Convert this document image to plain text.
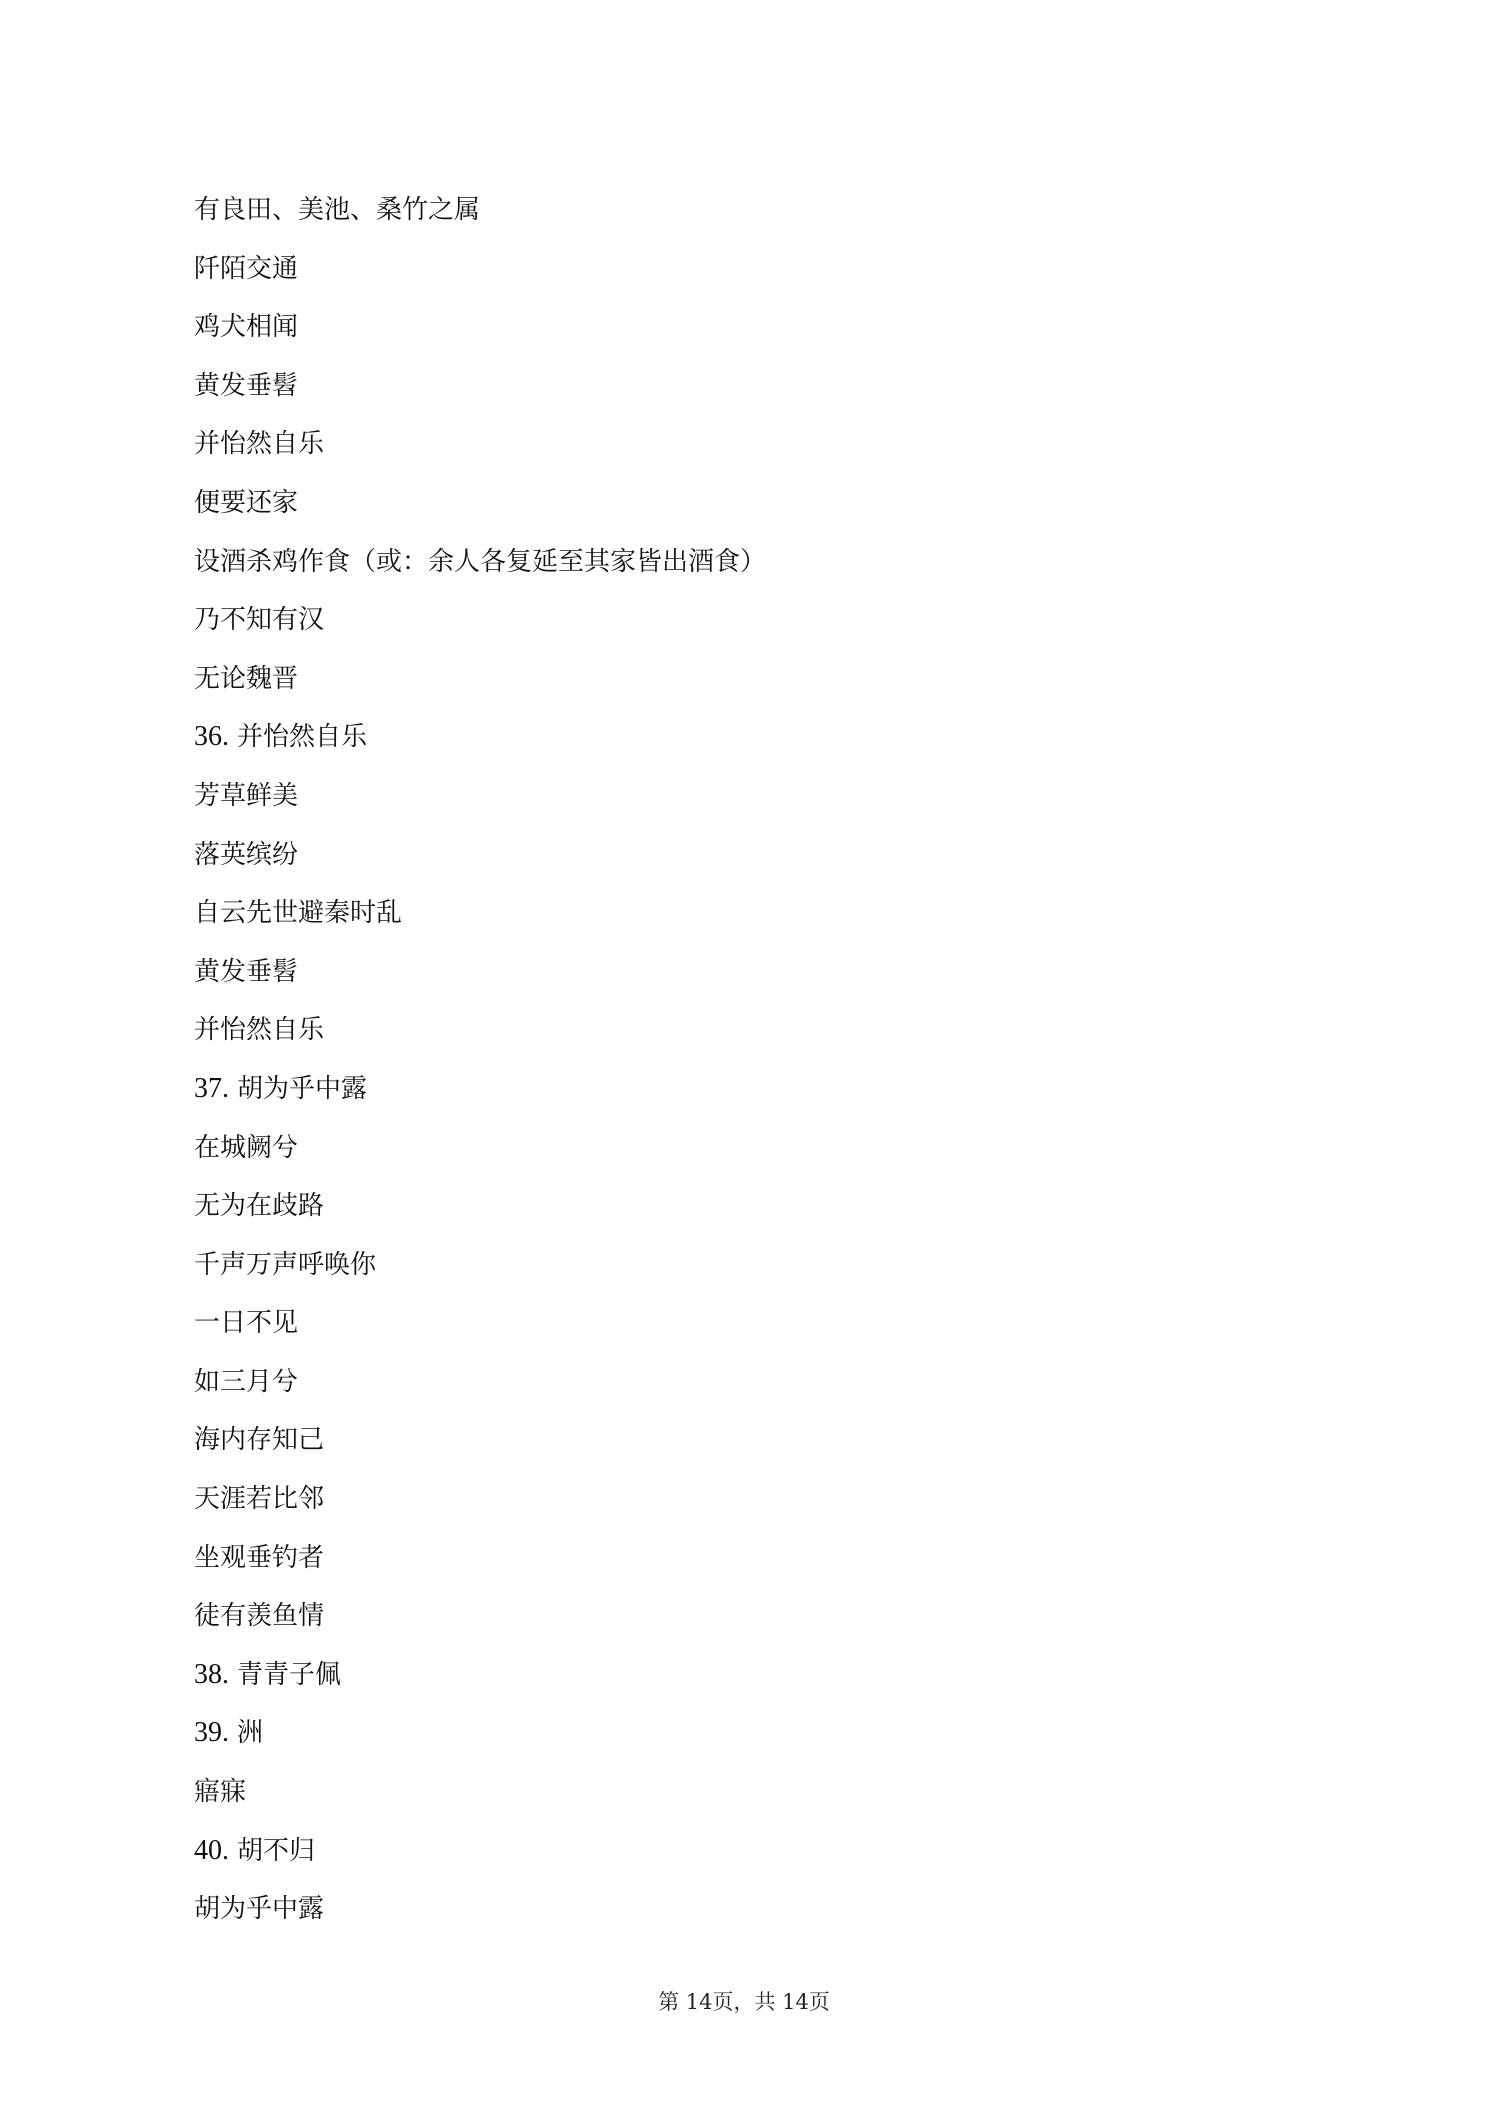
有良田、美池、桑竹之属
阡陌交通
鸡犬相闻
黄发垂髫
并怡然自乐
便要还家
设酒杀鸡作食（或：余人各复延至其家皆出酒食）
乃不知有汉
无论魏晋
36. 并怡然自乐
芳草鲜美
落英缤纷
自云先世避秦时乱
黄发垂髫
并怡然自乐
37. 胡为乎中露
在城阙兮
无为在歧路
千声万声呼唤你
一日不见
如三月兮
海内存知己
天涯若比邻
坐观垂钓者
徒有羡鱼情
38. 青青子佩
39. 洲
寤寐
40. 胡不归
胡为乎中露
第 14页，共 14页
